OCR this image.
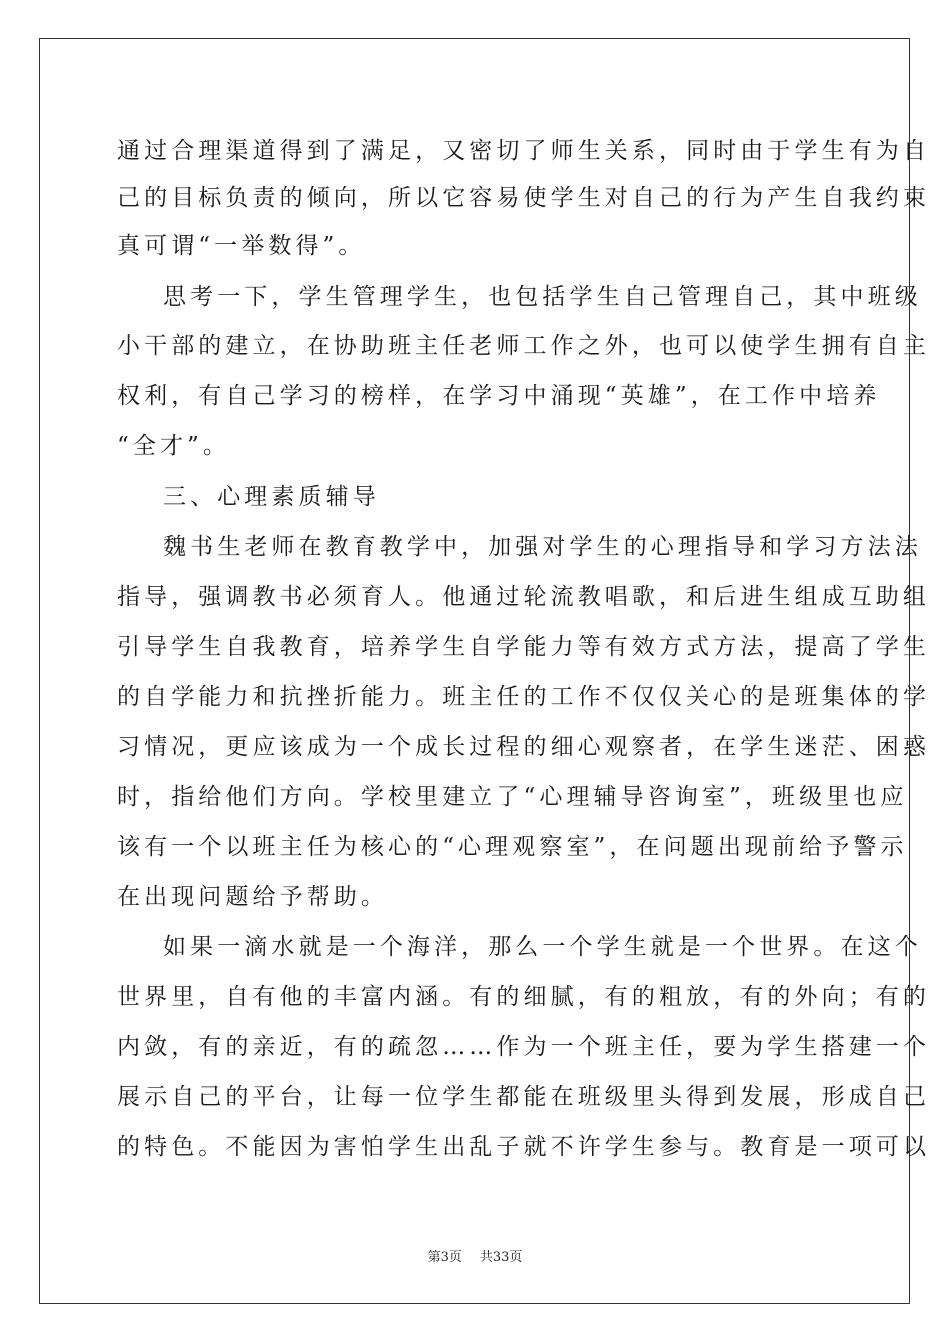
通过合理渠道得到了满足，又密切了师生关系，同时由于学生有为自
己的目标负责的倾向，所以它容易使学生对自己的行为产生自我约束
真可谓“一举数得”。
思考一下，学生管理学生，也包括学生自己管理自己，其中班级
小干部的建立，在协助班主任老师工作之外，也可以使学生拥有自主
权利，有自己学习的榜样，在学习中涌现“英雄”，在工作中培养
“全才”。
三、心理素质辅导
魏书生老师在教育教学中，加强对学生的心理指导和学习方法法
指导，强调教书必须育人。他通过轮流教唱歌，和后进生组成互助组
引导学生自我教育，培养学生自学能力等有效方式方法，提高了学生
的自学能力和抗挫折能力。班主任的工作不仅仅关心的是班集体的学
习情况，更应该成为一个成长过程的细心观察者，在学生迷茫、困惑
时，指给他们方向。学校里建立了“心理辅导咨询室”，班级里也应
该有一个以班主任为核心的“心理观察室”，在问题出现前给予警示
在出现问题给予帮助。
如果一滴水就是一个海洋，那么一个学生就是一个世界。在这个
世界里，自有他的丰富内涵。有的细腻，有的粗放，有的外向；有的
内敛，有的亲近，有的疏忽……作为一个班主任，要为学生搭建一个
展示自己的平台，让每一位学生都能在班级里头得到发展，形成自己
的特色。不能因为害怕学生出乱子就不许学生参与。教育是一项可以
第3页 共33页
